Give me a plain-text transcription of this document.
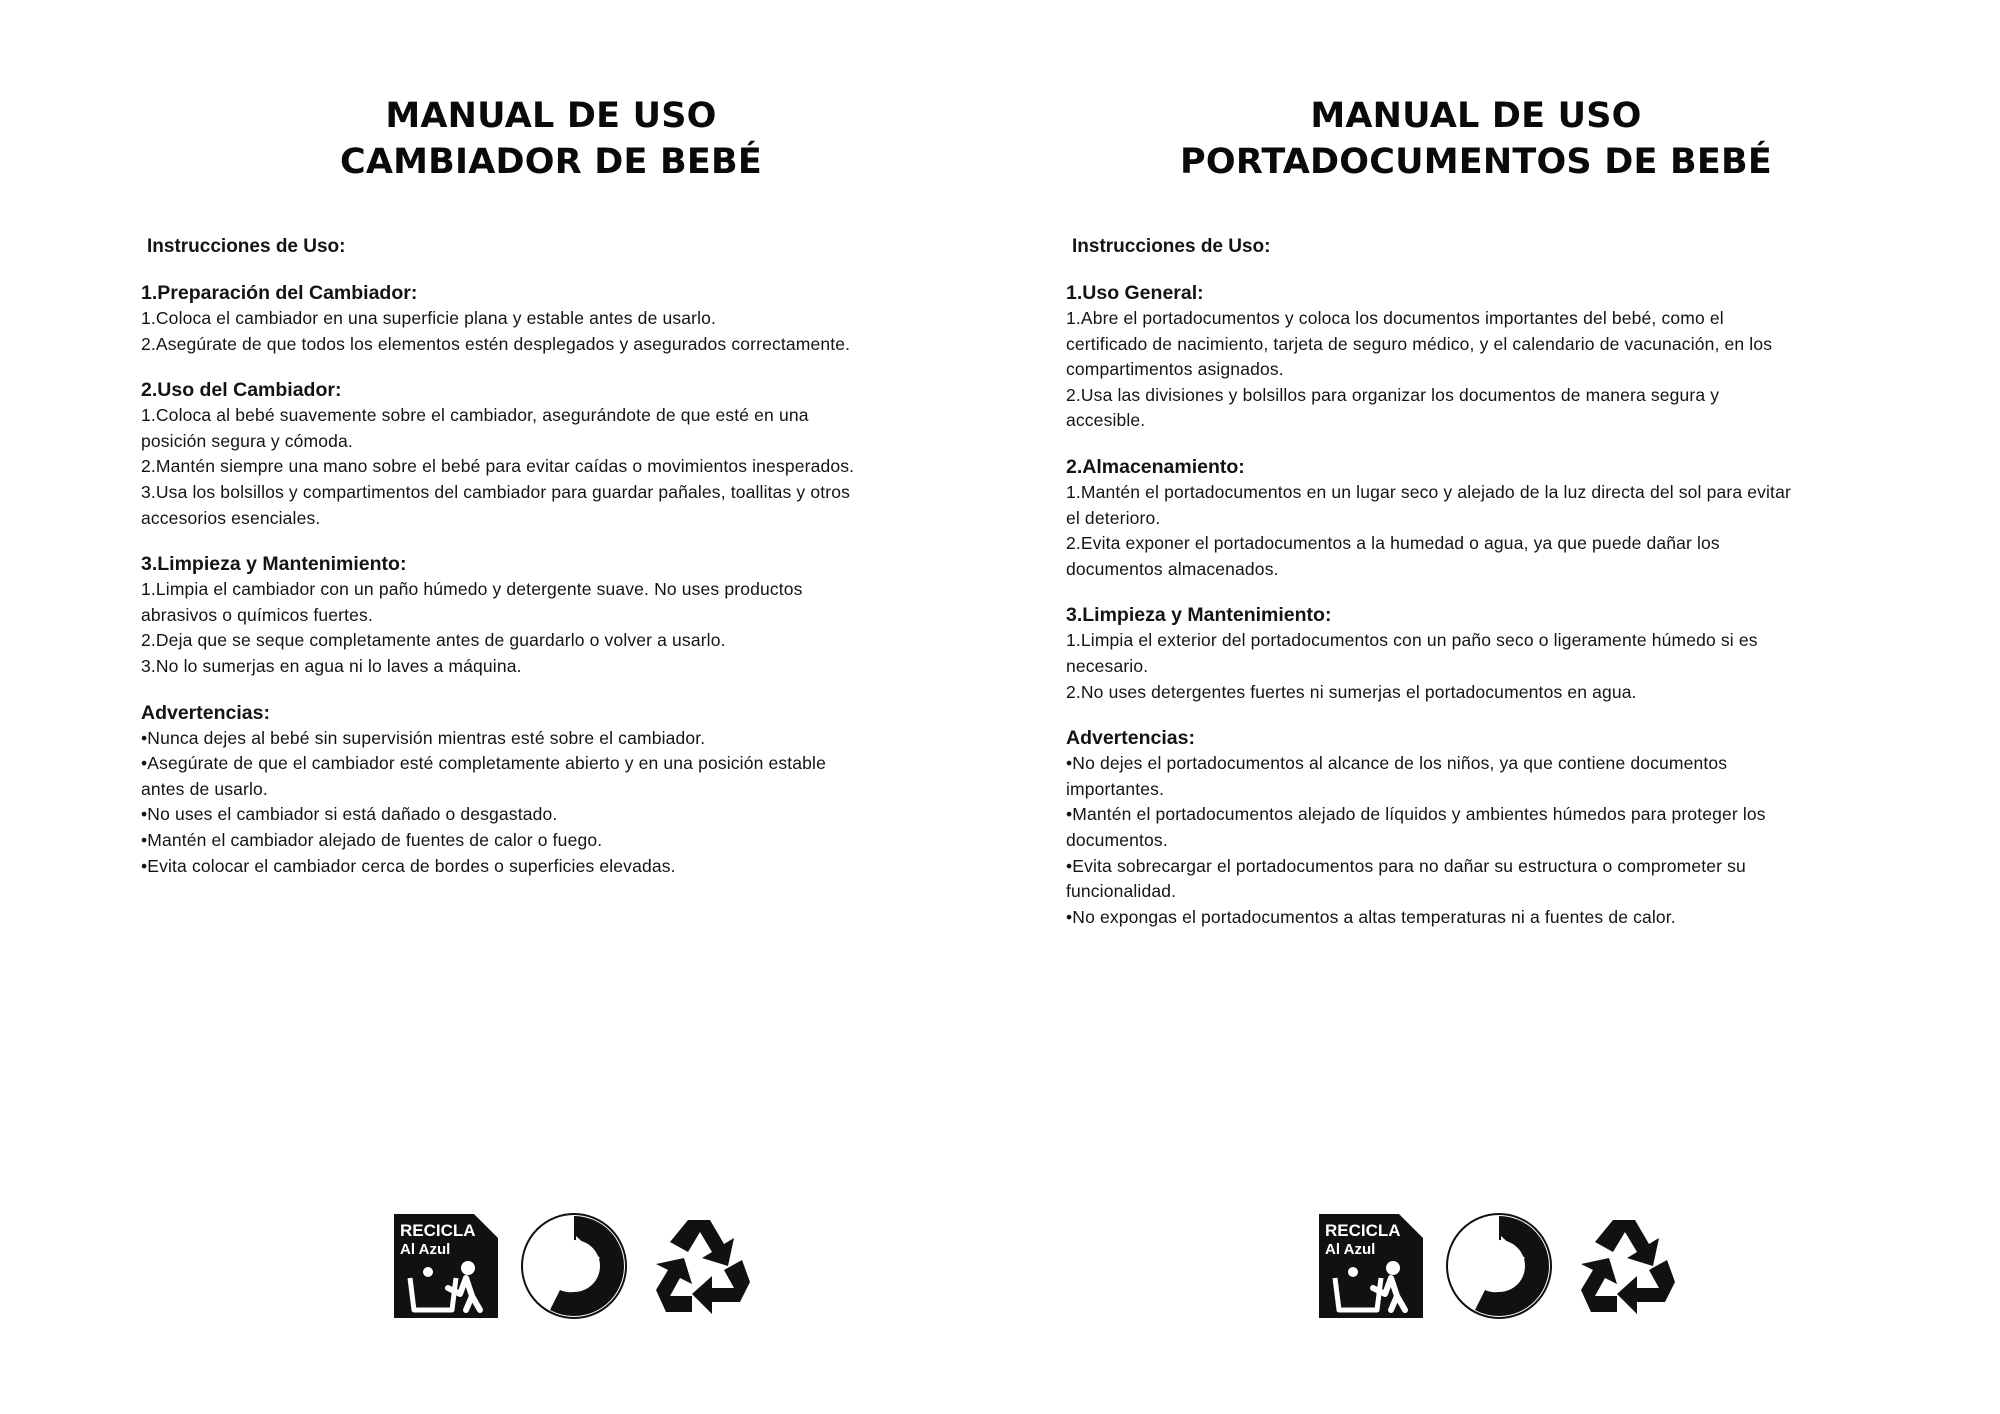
MANUAL DE USO

CAMBIADOR DE BEBÉ

Instrucciones de Uso:

1.Preparación del Cambiador:

1.Coloca el cambiador en una superficie plana y estable antes de usarlo.

2.Asegúrate de que todos los elementos estén desplegados y asegurados correctamente.

2.Uso del Cambiador:

1.Coloca al bebé suavemente sobre el cambiador, asegurándote de que esté en una

posición segura y cómoda.

2.Mantén siempre una mano sobre el bebé para evitar caídas o movimientos inesperados.

3.Usa los bolsillos y compartimentos del cambiador para guardar pañales, toallitas y otros

accesorios esenciales.

3.Limpieza y Mantenimiento:

1.Limpia el cambiador con un paño húmedo y detergente suave. No uses productos

abrasivos o químicos fuertes.

2.Deja que se seque completamente antes de guardarlo o volver a usarlo.

3.No lo sumerjas en agua ni lo laves a máquina.

Advertencias:

•Nunca dejes al bebé sin supervisión mientras esté sobre el cambiador.

•Asegúrate de que el cambiador esté completamente abierto y en una posición estable

antes de usarlo.

•No uses el cambiador si está dañado o desgastado.

•Mantén el cambiador alejado de fuentes de calor o fuego.

•Evita colocar el cambiador cerca de bordes o superficies elevadas.

MANUAL DE USO

PORTADOCUMENTOS DE BEBÉ

Instrucciones de Uso:

1.Uso General:

1.Abre el portadocumentos y coloca los documentos importantes del bebé, como el

certificado de nacimiento, tarjeta de seguro médico, y el calendario de vacunación, en los

compartimentos asignados.

2.Usa las divisiones y bolsillos para organizar los documentos de manera segura y

accesible.

2.Almacenamiento:

1.Mantén el portadocumentos en un lugar seco y alejado de la luz directa del sol para evitar

el deterioro.

2.Evita exponer el portadocumentos a la humedad o agua, ya que puede dañar los

documentos almacenados.

3.Limpieza y Mantenimiento:

1.Limpia el exterior del portadocumentos con un paño seco o ligeramente húmedo si es

necesario.

2.No uses detergentes fuertes ni sumerjas el portadocumentos en agua.

Advertencias:

•No dejes el portadocumentos al alcance de los niños, ya que contiene documentos

importantes.

•Mantén el portadocumentos alejado de líquidos y ambientes húmedos para proteger los

documentos.

•Evita sobrecargar el portadocumentos para no dañar su estructura o comprometer su

funcionalidad.

•No expongas el portadocumentos a altas temperaturas ni a fuentes de calor.

RECICLA
Al Azul
RECICLA
Al Azul
